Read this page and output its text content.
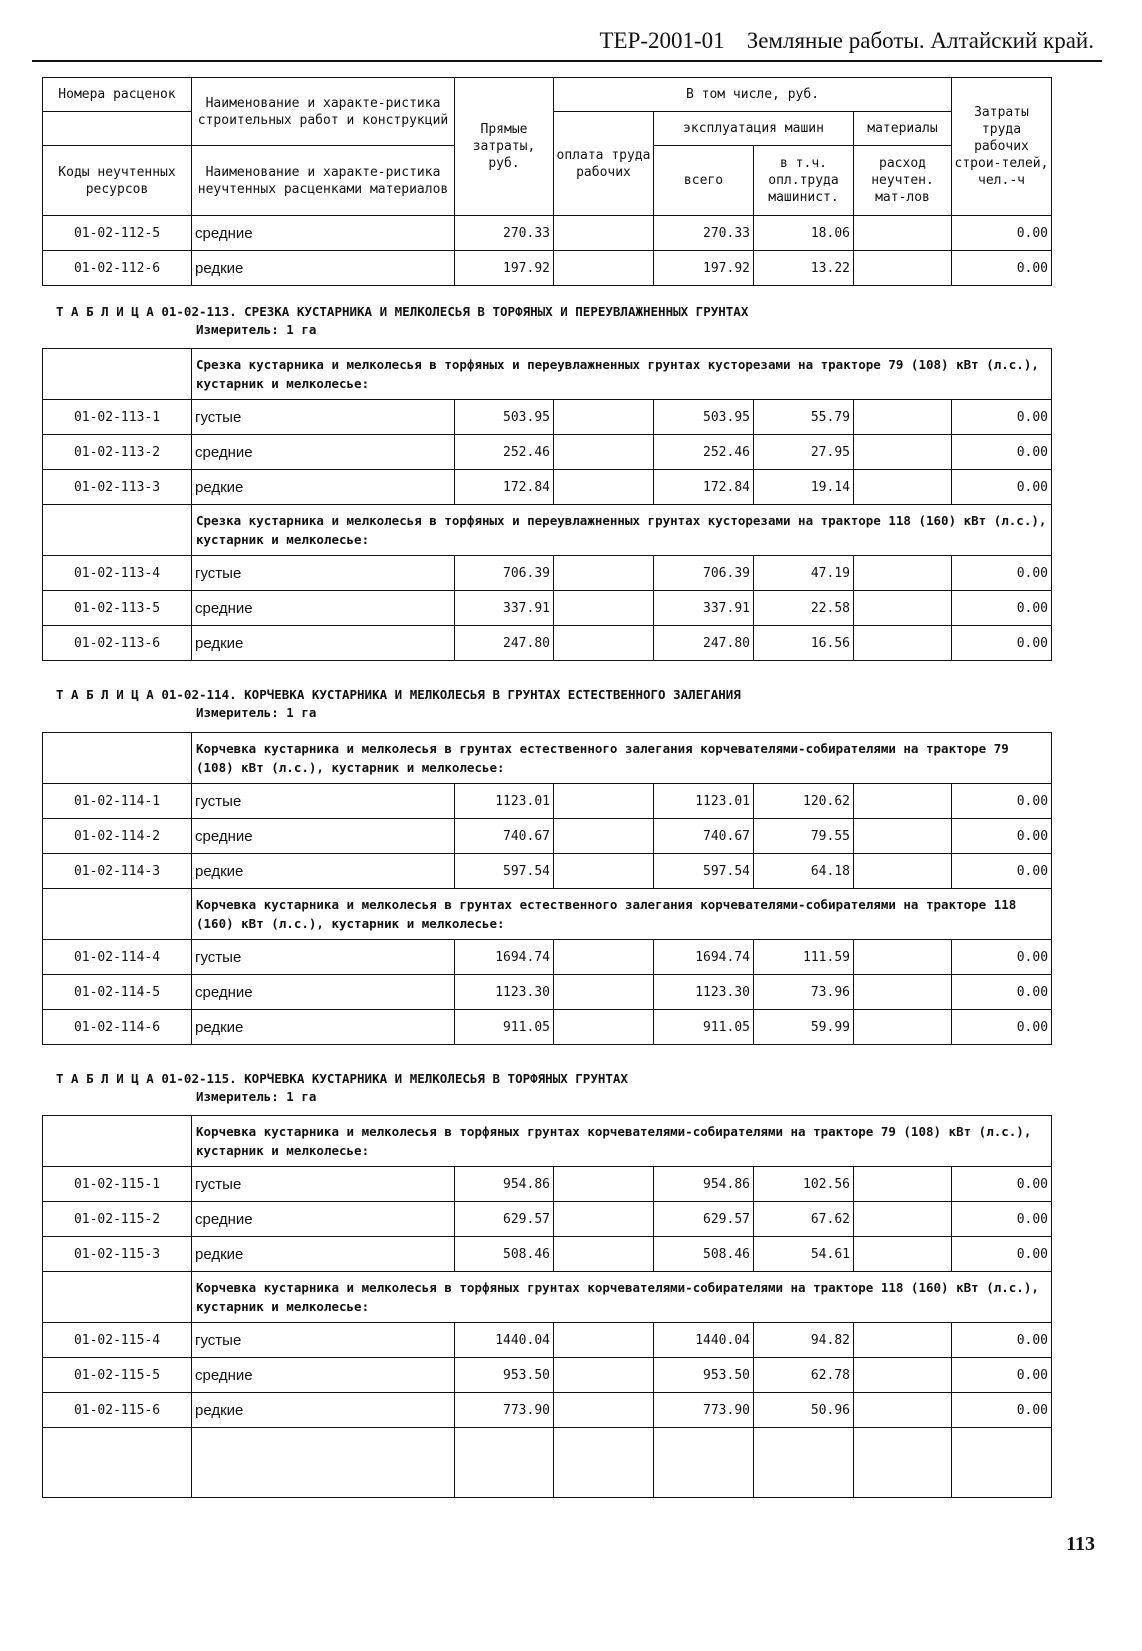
ТЕР-2001-01 Земляные работы. Алтайский край.
Номера расценок	Наименование и характе-ристика строительных работ и конструкций	Прямые затраты, руб.	В том числе, руб.				Затраты труда рабочих строи-телей, чел.-ч
			оплата труда рабочих	эксплуатация машин		материалы	
Коды неучтенных ресурсов	Наименование и характе-ристика неучтенных расценками материалов			всего	в т.ч. опл.труда машинист.	расход неучтен. мат-лов	

01-02-112-5	средние	270.33		270.33	18.06		0.00
01-02-112-6	редкие	197.92		197.92	13.22		0.00
Т А Б Л И Ц А 01-02-113. СРЕЗКА КУСТАРНИКА И МЕЛКОЛЕСЬЯ В ТОРФЯНЫХ И ПЕРЕУВЛАЖНЕННЫХ ГРУНТАХ
Измеритель: 1 га
	Срезка кустарника и мелколесья в торфяных и переувлажненных грунтах кусторезами на тракторе 79 (108) кВт (л.с.), кустарник и мелколесье:						
01-02-113-1	густые	503.95		503.95	55.79		0.00
01-02-113-2	средние	252.46		252.46	27.95		0.00
01-02-113-3	редкие	172.84		172.84	19.14		0.00
	Срезка кустарника и мелколесья в торфяных и переувлажненных грунтах кусторезами на тракторе 118 (160) кВт (л.с.), кустарник и мелколесье:						
01-02-113-4	густые	706.39		706.39	47.19		0.00
01-02-113-5	средние	337.91		337.91	22.58		0.00
01-02-113-6	редкие	247.80		247.80	16.56		0.00
Т А Б Л И Ц А 01-02-114. КОРЧЕВКА КУСТАРНИКА И МЕЛКОЛЕСЬЯ В ГРУНТАХ ЕСТЕСТВЕННОГО ЗАЛЕГАНИЯ
Измеритель: 1 га
	Корчевка кустарника и мелколесья в грунтах естественного залегания корчевателями-собирателями на тракторе 79 (108) кВт (л.с.), кустарник и мелколесье:						
01-02-114-1	густые	1123.01		1123.01	120.62		0.00
01-02-114-2	средние	740.67		740.67	79.55		0.00
01-02-114-3	редкие	597.54		597.54	64.18		0.00
	Корчевка кустарника и мелколесья в грунтах естественного залегания корчевателями-собирателями на тракторе 118 (160) кВт (л.с.), кустарник и мелколесье:						
01-02-114-4	густые	1694.74		1694.74	111.59		0.00
01-02-114-5	средние	1123.30		1123.30	73.96		0.00
01-02-114-6	редкие	911.05		911.05	59.99		0.00
Т А Б Л И Ц А 01-02-115. КОРЧЕВКА КУСТАРНИКА И МЕЛКОЛЕСЬЯ В ТОРФЯНЫХ ГРУНТАХ
Измеритель: 1 га
	Корчевка кустарника и мелколесья в торфяных грунтах корчевателями-собирателями на тракторе 79 (108) кВт (л.с.), кустарник и мелколесье:						
01-02-115-1	густые	954.86		954.86	102.56		0.00
01-02-115-2	средние	629.57		629.57	67.62		0.00
01-02-115-3	редкие	508.46		508.46	54.61		0.00
	Корчевка кустарника и мелколесья в торфяных грунтах корчевателями-собирателями на тракторе 118 (160) кВт (л.с.), кустарник и мелколесье:						
01-02-115-4	густые	1440.04		1440.04	94.82		0.00
01-02-115-5	средние	953.50		953.50	62.78		0.00
01-02-115-6	редкие	773.90		773.90	50.96		0.00

113
